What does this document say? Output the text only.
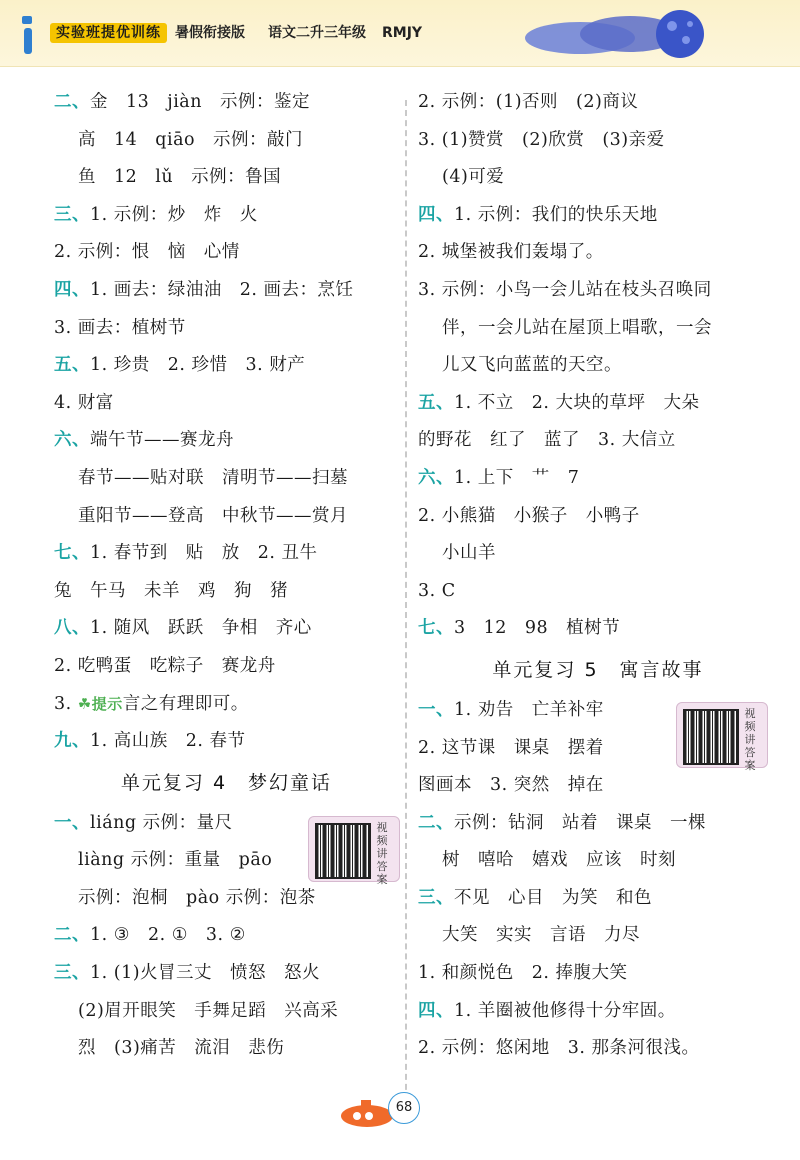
实验班提优训练	暑假衔接版 语文二升三年级 RMJY
二、金　13　jiàn　示例：鉴定
高　14　qiāo　示例：敲门
鱼　12　lǔ　示例：鲁国
三、1. 示例：炒　炸　火
2. 示例：恨　恼　心情
四、1. 画去：绿油油　2. 画去：烹饪
3. 画去：植树节
五、1. 珍贵　2. 珍惜　3. 财产
4. 财富
六、端午节——赛龙舟
春节——贴对联　清明节——扫墓
重阳节——登高　中秋节——赏月
七、1. 春节到　贴　放　2. 丑牛
兔　午马　未羊　鸡　狗　猪
八、1. 随风　跃跃　争相　齐心
2. 吃鸭蛋　吃粽子　赛龙舟
3. ☘提示言之有理即可。
九、1. 高山族　2. 春节
单元复习 4　梦幻童话
一、liáng 示例：量尺
liàng 示例：重量　pāo
示例：泡桐　pào 示例：泡茶
二、1. ③　2. ①　3. ②
三、1. (1)火冒三丈　愤怒　怒火
(2)眉开眼笑　手舞足蹈　兴高采
烈　(3)痛苦　流泪　悲伤
视频讲答案
2. 示例：(1)否则　(2)商议
3. (1)赞赏　(2)欣赏　(3)亲爱
(4)可爱
四、1. 示例：我们的快乐天地
2. 城堡被我们轰塌了。
3. 示例：小鸟一会儿站在枝头召唤同
伴，一会儿站在屋顶上唱歌，一会
儿又飞向蓝蓝的天空。
五、1. 不立　2. 大块的草坪　大朵
的野花　红了　蓝了　3. 大信立
六、1. 上下　艹　7
2. 小熊猫　小猴子　小鸭子
小山羊
3. C
七、3　12　98　植树节
单元复习 5　寓言故事
一、1. 劝告　亡羊补牢
2. 这节课　课桌　摆着
图画本　3. 突然　掉在
二、示例：钻洞　站着　课桌　一棵
树　嘻哈　嬉戏　应该　时刻
三、不见　心目　为笑　和色
大笑　实实　言语　力尽
1. 和颜悦色　2. 捧腹大笑
四、1. 羊圈被他修得十分牢固。
2. 示例：悠闲地　3. 那条河很浅。
视频讲答案
68
